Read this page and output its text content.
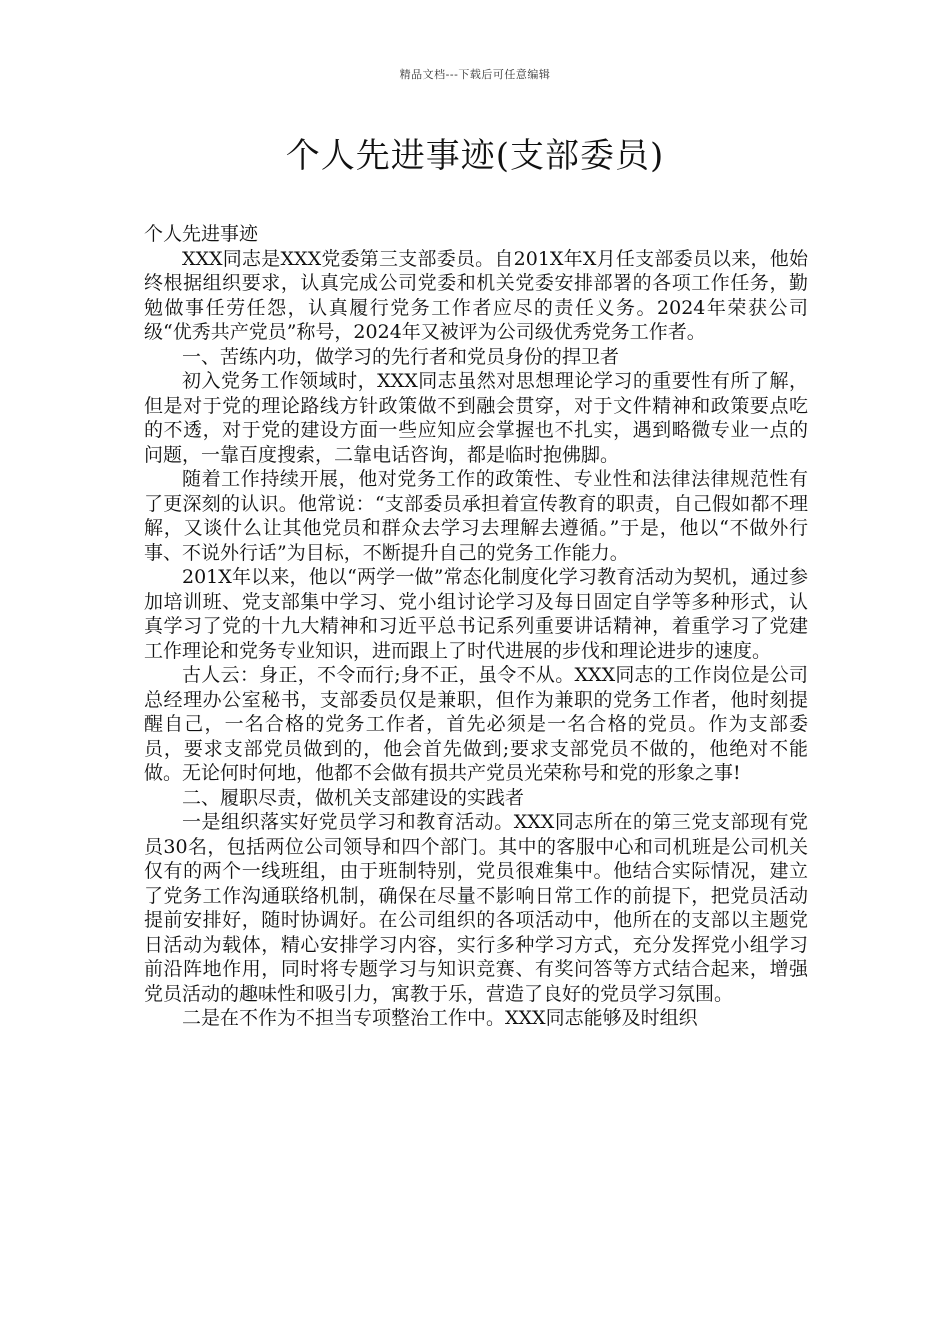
精品文档---下载后可任意编辑
个人先进事迹(支部委员)

个人先进事迹

XXX同志是XXX党委第三支部委员。自201X年X月任支部委员以来，他始终根据组织要求，认真完成公司党委和机关党委安排部署的各项工作任务，勤勉做事任劳任怨，认真履行党务工作者应尽的责任义务。2024年荣获公司级“优秀共产党员”称号，2024年又被评为公司级优秀党务工作者。

一、苦练内功，做学习的先行者和党员身份的捍卫者

初入党务工作领域时，XXX同志虽然对思想理论学习的重要性有所了解，但是对于党的理论路线方针政策做不到融会贯穿，对于文件精神和政策要点吃的不透，对于党的建设方面一些应知应会掌握也不扎实，遇到略微专业一点的问题，一靠百度搜索，二靠电话咨询，都是临时抱佛脚。

随着工作持续开展，他对党务工作的政策性、专业性和法律法律规范性有了更深刻的认识。他常说：“支部委员承担着宣传教育的职责，自己假如都不理解，又谈什么让其他党员和群众去学习去理解去遵循。”于是，他以“不做外行事、不说外行话”为目标，不断提升自己的党务工作能力。

201X年以来，他以“两学一做”常态化制度化学习教育活动为契机，通过参加培训班、党支部集中学习、党小组讨论学习及每日固定自学等多种形式，认真学习了党的十九大精神和习近平总书记系列重要讲话精神，着重学习了党建工作理论和党务专业知识，进而跟上了时代进展的步伐和理论进步的速度。

古人云：身正，不令而行;身不正，虽令不从。XXX同志的工作岗位是公司总经理办公室秘书，支部委员仅是兼职，但作为兼职的党务工作者，他时刻提醒自己，一名合格的党务工作者，首先必须是一名合格的党员。作为支部委员，要求支部党员做到的，他会首先做到;要求支部党员不做的，他绝对不能做。无论何时何地，他都不会做有损共产党员光荣称号和党的形象之事!

二、履职尽责，做机关支部建设的实践者

一是组织落实好党员学习和教育活动。XXX同志所在的第三党支部现有党员30名，包括两位公司领导和四个部门。其中的客服中心和司机班是公司机关仅有的两个一线班组，由于班制特别，党员很难集中。他结合实际情况，建立了党务工作沟通联络机制，确保在尽量不影响日常工作的前提下，把党员活动提前安排好，随时协调好。在公司组织的各项活动中，他所在的支部以主题党日活动为载体，精心安排学习内容，实行多种学习方式，充分发挥党小组学习前沿阵地作用，同时将专题学习与知识竞赛、有奖问答等方式结合起来，增强党员活动的趣味性和吸引力，寓教于乐，营造了良好的党员学习氛围。

二是在不作为不担当专项整治工作中。XXX同志能够及时组织
